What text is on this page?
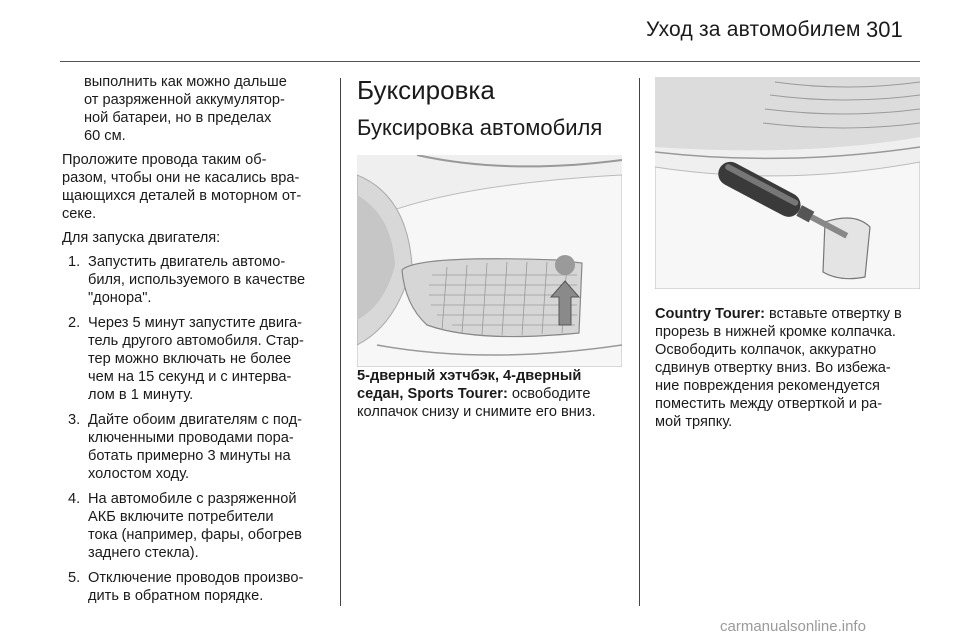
Уход за автомобилем 301

выполнить как можно дальше
от разряженной аккумулятор-
ной батареи, но в пределах
60 см.

Проложите провода таким об-
разом, чтобы они не касались вра-
щающихся деталей в моторном от-
секе.

Для запуска двигателя:

1. Запустить двигатель автомо-
биля, используемого в качестве
"донора".
2. Через 5 минут запустите двига-
тель другого автомобиля. Стар-
тер можно включать не более
чем на 15 секунд и с интерва-
лом в 1 минуту.
3. Дайте обоим двигателям с под-
ключенными проводами пора-
ботать примерно 3 минуты на
холостом ходу.
4. На автомобиле с разряженной
АКБ включите потребители
тока (например, фары, обогрев
заднего стекла).
5. Отключение проводов произво-
дить в обратном порядке.
Буксировка
Буксировка автомобиля

5-дверный хэтчбэк, 4-дверный
седан, Sports Tourer: освободите
колпачок снизу и снимите его вниз.

Country Tourer: вставьте отвертку в
прорезь в нижней кромке колпачка.
Освободить колпачок, аккуратно
сдвинув отвертку вниз. Во избежа-
ние повреждения рекомендуется
поместить между отверткой и ра-
мой тряпку.

carmanualsonline.info
